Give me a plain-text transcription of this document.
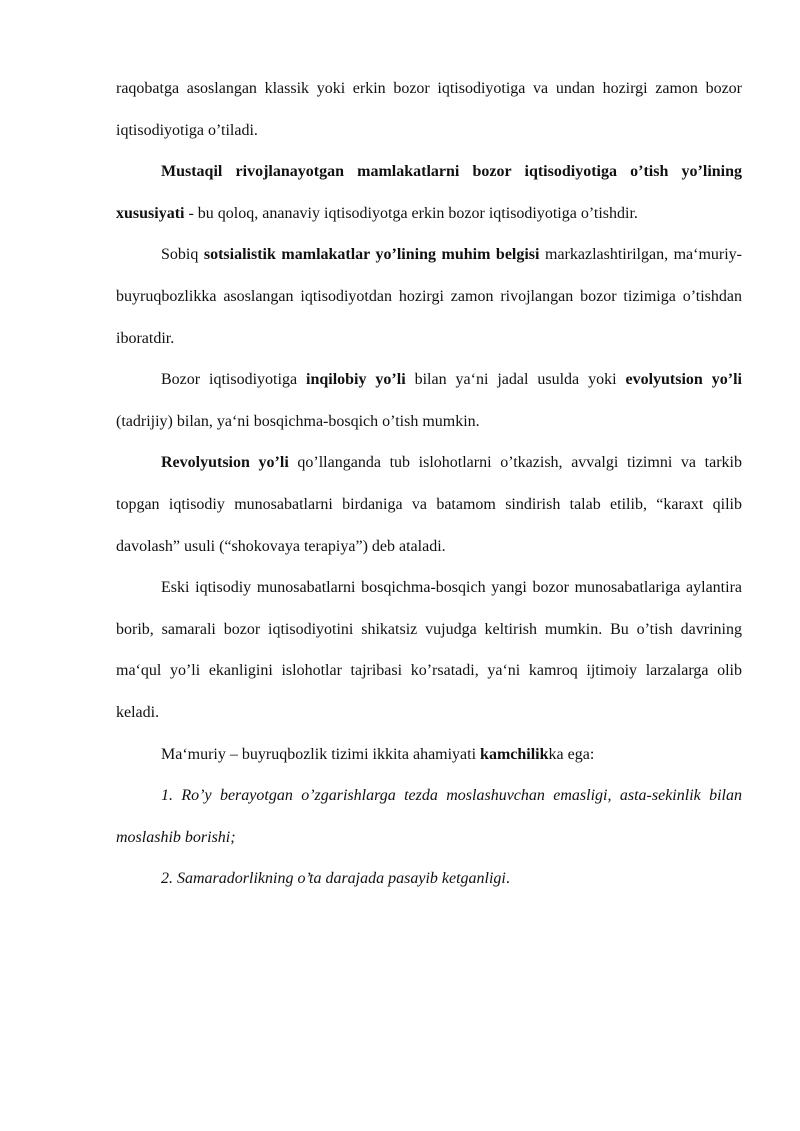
raqobatga asoslangan klassik yoki erkin bozor iqtisodiyotiga va undan hozirgi zamon bozor iqtisodiyotiga o’tiladi.

Mustaqil rivojlanayotgan mamlakatlarni bozor iqtisodiyotiga o’tish yo’lining xususiyati - bu qoloq, ananaviy iqtisodiyotga erkin bozor iqtisodiyotiga o’tishdir.

Sobiq sotsialistik mamlakatlar yo’lining muhim belgisi markazlashtirilgan, ma‘muriy-buyruqbozlikka asoslangan iqtisodiyotdan hozirgi zamon rivojlangan bozor tizimiga o’tishdan iboratdir.

Bozor iqtisodiyotiga inqilobiy yo’li bilan ya‘ni jadal usulda yoki evolyutsion yo’li (tadrijiy) bilan, ya‘ni bosqichma-bosqich o’tish mumkin.

Revolyutsion yo’li qo’llanganda tub islohotlarni o’tkazish, avvalgi tizimni va tarkib topgan iqtisodiy munosabatlarni birdaniga va batamom sindirish talab etilib, “karaxt qilib davolash” usuli (“shokovaya terapiya”) deb ataladi.

Eski iqtisodiy munosabatlarni bosqichma-bosqich yangi bozor munosabatlariga aylantira borib, samarali bozor iqtisodiyotini shikatsiz vujudga keltirish mumkin. Bu o’tish davrining ma‘qul yo’li ekanligini islohotlar tajribasi ko’rsatadi, ya‘ni kamroq ijtimoiy larzalarga olib keladi.

Ma‘muriy – buyruqbozlik tizimi ikkita ahamiyati kamchilikka ega:

1. Ro’y berayotgan o’zgarishlarga tezda moslashuvchan emasligi, asta-sekinlik bilan moslashib borishi;

2. Samaradorlikning o’ta darajada pasayib ketganligi.
